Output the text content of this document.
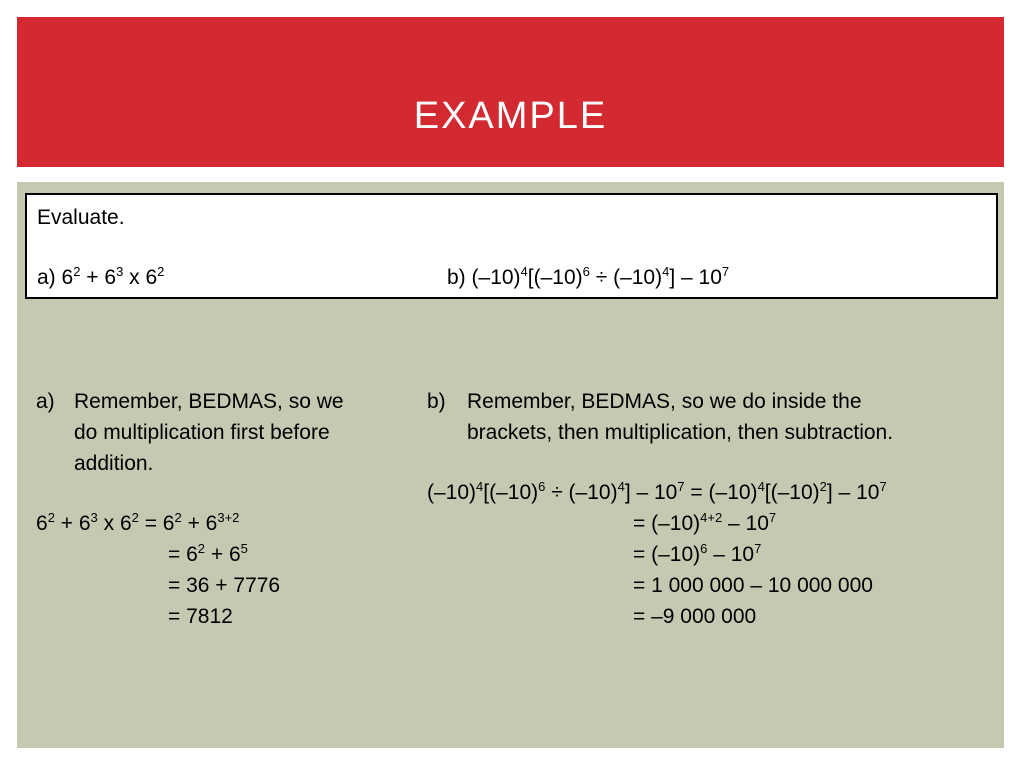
EXAMPLE
Evaluate.
a) $6^2 + 6^3$ x $6^2$	b) $(-10)^4[(-10)^6 \div (-10)^4] - 10^7$
a) Remember, BEDMAS, so we
do multiplication first before
addition.
$6^2 + 6^3$ x $6^2 = 6^2 + 6^{3+2}$
= $6^2 + 6^5$
= 36 + 7776
= 7812
b) Remember, BEDMAS, so we do inside the
brackets, then multiplication, then subtraction.
$(-10)^4[(-10)^6 \div (-10)^4] - 10^7 = (-10)^4[(-10)^2] - 10^7$
= $(-10)^{4+2} - 10^7$
= $(-10)^6 - 10^7$
= 1 000 000 – 10 000 000
= –9 000 000
